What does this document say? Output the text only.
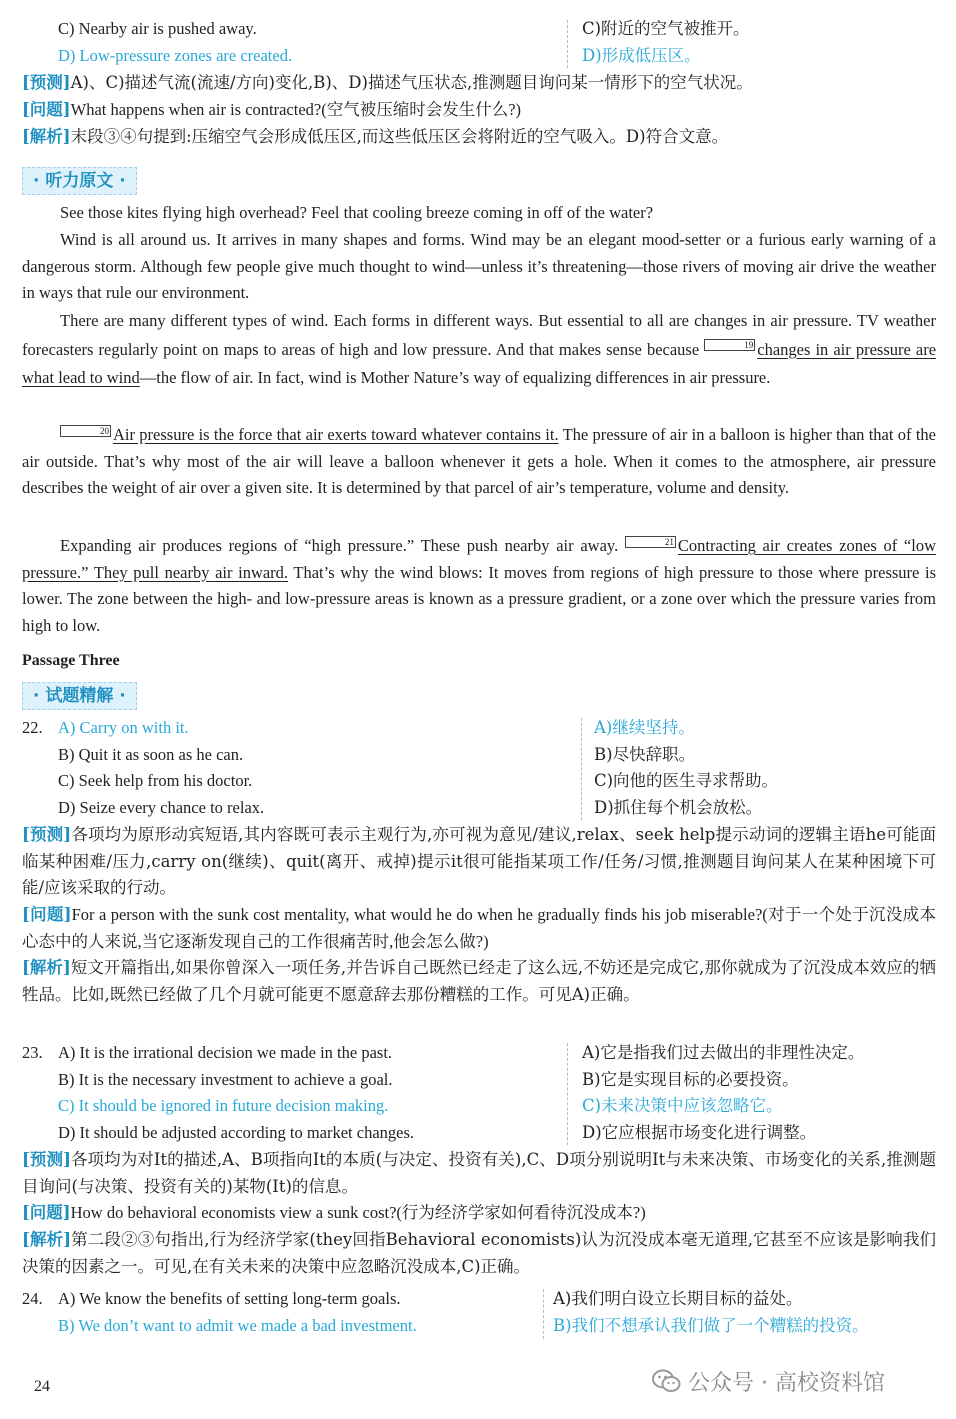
C) Nearby air is pushed away.	C)附近的空气被推开。
D) Low-pressure zones are created.	D)形成低压区。
[预测]A)、C)描述气流(流速/方向)变化,B)、D)描述气压状态,推测题目询问某一情形下的空气状况。
[问题]What happens when air is contracted?(空气被压缩时会发生什么?)
[解析]末段③④句提到:压缩空气会形成低压区,而这些低压区会将附近的空气吸入。D)符合文意。
· 听力原文 ·
See those kites flying high overhead? Feel that cooling breeze coming in off of the water?
Wind is all around us. It arrives in many shapes and forms. Wind may be an elegant mood-setter or a furious early warning of a dangerous storm. Although few people give much thought to wind—unless it’s threatening—those rivers of moving air drive the weather in ways that rule our environment.
There are many different types of wind. Each forms in different ways. But essential to all are changes in air pressure. TV weather forecasters regularly point on maps to areas of high and low pressure. And that makes sense because	19 changes in air pressure are what lead to wind—the flow of air. In fact, wind is Mother Nature’s way of equalizing differences in air pressure.
20 Air pressure is the force that air exerts toward whatever contains it. The pressure of air in a balloon is higher than that of the air outside. That’s why most of the air will leave a balloon whenever it gets a hole. When it comes to the atmosphere, air pressure describes the weight of air over a given site. It is determined by that parcel of air’s temperature, volume and density.
Expanding air produces regions of “high pressure.” These push nearby air away.	21 Contracting air creates zones of “low pressure.” They pull nearby air inward. That’s why the wind blows: It moves from regions of high pressure to those where pressure is lower. The zone between the high- and low-pressure areas is known as a pressure gradient, or a zone over which the pressure varies from high to low.
Passage Three
· 试题精解 ·
22. A) Carry on with it.	A)继续坚持。
B) Quit it as soon as he can.	B)尽快辞职。
C) Seek help from his doctor.	C)向他的医生寻求帮助。
D) Seize every chance to relax.	D)抓住每个机会放松。
[预测]各项均为原形动宾短语,其内容既可表示主观行为,亦可视为意见/建议,relax、seek help提示动词的逻辑主语he可能面临某种困难/压力,carry on(继续)、quit(离开、戒掉)提示it很可能指某项工作/任务/习惯,推测题目询问某人在某种困境下可能/应该采取的行动。
[问题]For a person with the sunk cost mentality, what would he do when he gradually finds his job miserable?(对于一个处于沉没成本心态中的人来说,当它逐渐发现自己的工作很痛苦时,他会怎么做?)
[解析]短文开篇指出,如果你曾深入一项任务,并告诉自己既然已经走了这么远,不妨还是完成它,那你就成为了沉没成本效应的牺牲品。比如,既然已经做了几个月就可能更不愿意辞去那份糟糕的工作。可见A)正确。
23. A) It is the irrational decision we made in the past.	A)它是指我们过去做出的非理性决定。
B) It is the necessary investment to achieve a goal.	B)它是实现目标的必要投资。
C) It should be ignored in future decision making.	C)未来决策中应该忽略它。
D) It should be adjusted according to market changes.	D)它应根据市场变化进行调整。
[预测]各项均为对It的描述,A、B项指向It的本质(与决定、投资有关),C、D项分别说明It与未来决策、市场变化的关系,推测题目询问(与决策、投资有关的)某物(It)的信息。
[问题]How do behavioral economists view a sunk cost?(行为经济学家如何看待沉没成本?)
[解析]第二段②③句指出,行为经济学家(they回指Behavioral economists)认为沉没成本毫无道理,它甚至不应该是影响我们决策的因素之一。可见,在有关未来的决策中应忽略沉没成本,C)正确。
24. A) We know the benefits of setting long-term goals.	A)我们明白设立长期目标的益处。
B) We don’t want to admit we made a bad investment.	B)我们不想承认我们做了一个糟糕的投资。
24	公众号 · 高校资料馆
